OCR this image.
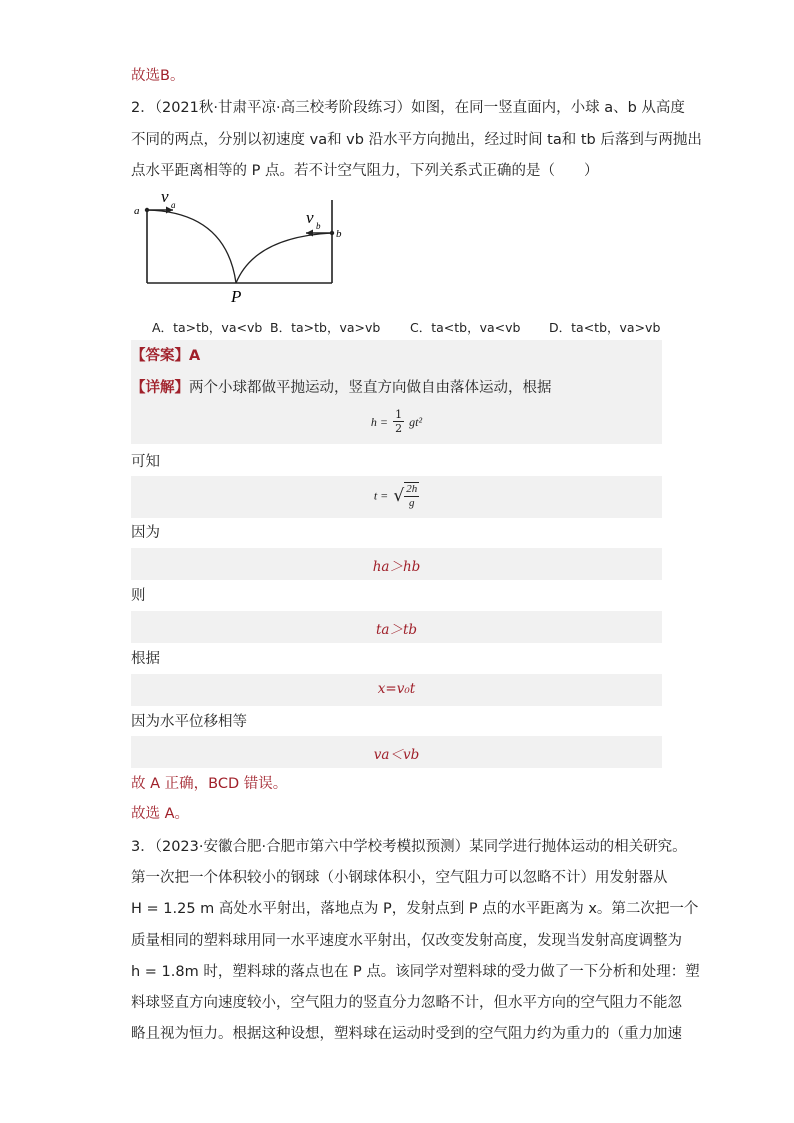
故选B。
2．（2021秋·甘肃平凉·高三校考阶段练习）如图，在同一竖直面内，小球 a、b 从高度
不同的两点，分别以初速度 va和 vb 沿水平方向抛出，经过时间 ta和 tb 后落到与两抛出
点水平距离相等的 P 点。若不计空气阻力，下列关系式正确的是（　　）
a
b
v a
v b
P
A．ta>tb，va<vb B．ta>tb，va>vb C．ta<tb，va<vb D．ta<tb，va>vb
【答案】A
【详解】两个小球都做平抛运动，竖直方向做自由落体运动，根据
$h = \frac{1}{2} gt^2$
可知
t = √ $\frac{2h}{g}$
因为
ha＞hb
则
ta＞tb
根据
x=v₀t
因为水平位移相等
va＜vb
故 A 正确，BCD 错误。
故选 A。
3．（2023·安徽合肥·合肥市第六中学校考模拟预测）某同学进行抛体运动的相关研究。
第一次把一个体积较小的钢球（小钢球体积小，空气阻力可以忽略不计）用发射器从
H = 1.25 m 高处水平射出，落地点为 P，发射点到 P 点的水平距离为 x。第二次把一个
质量相同的塑料球用同一水平速度水平射出，仅改变发射高度，发现当发射高度调整为
h = 1.8m 时，塑料球的落点也在 P 点。该同学对塑料球的受力做了一下分析和处理：塑
料球竖直方向速度较小，空气阻力的竖直分力忽略不计，但水平方向的空气阻力不能忽
略且视为恒力。根据这种设想，塑料球在运动时受到的空气阻力约为重力的（重力加速
